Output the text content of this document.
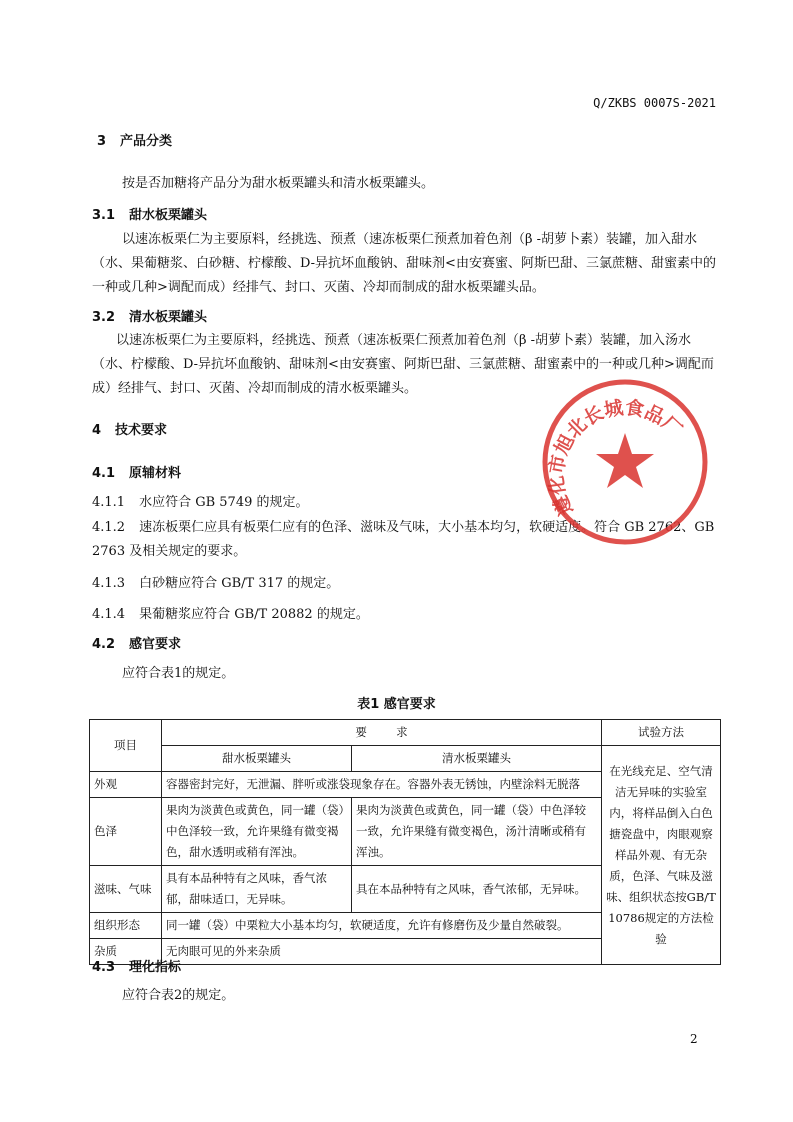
Q/ZKBS 0007S-2021
3 产品分类
按是否加糖将产品分为甜水板栗罐头和清水板栗罐头。
3.1 甜水板栗罐头
以速冻板栗仁为主要原料，经挑选、预煮（速冻板栗仁预煮加着色剂（β -胡萝卜素）装罐，加入甜水（水、果葡糖浆、白砂糖、柠檬酸、D-异抗坏血酸钠、甜味剂<由安赛蜜、阿斯巴甜、三氯蔗糖、甜蜜素中的一种或几种>调配而成）经排气、封口、灭菌、冷却而制成的甜水板栗罐头品。
3.2 清水板栗罐头
以速冻板栗仁为主要原料，经挑选、预煮（速冻板栗仁预煮加着色剂（β -胡萝卜素）装罐，加入汤水（水、柠檬酸、D-异抗坏血酸钠、甜味剂<由安赛蜜、阿斯巴甜、三氯蔗糖、甜蜜素中的一种或几种>调配而成）经排气、封口、灭菌、冷却而制成的清水板栗罐头。
4 技术要求
4.1 原辅材料
4.1.1 水应符合 GB 5749 的规定。
4.1.2 速冻板栗仁应具有板栗仁应有的色泽、滋味及气味，大小基本均匀，软硬适度。符合 GB 2762、GB 2763 及相关规定的要求。
4.1.3 白砂糖应符合 GB/T 317 的规定。
4.1.4 果葡糖浆应符合 GB/T 20882 的规定。
4.2 感官要求
应符合表1的规定。
表1 感官要求
项目	要        求		试验方法
	甜水板栗罐头	清水板栗罐头	在光线充足、空气清洁无异味的实验室内，将样品倒入白色搪瓷盘中，肉眼观察样品外观、有无杂质，色泽、气味及滋味、组织状态按GB/T 10786规定的方法检验
外观	容器密封完好，无泄漏、胖听或涨袋现象存在。容器外表无锈蚀，内壁涂料无脱落		
色泽	果肉为淡黄色或黄色，同一罐（袋）中色泽较一致，允许果缝有微变褐色，甜水透明或稍有浑浊。	果肉为淡黄色或黄色，同一罐（袋）中色泽较一致，允许果缝有微变褐色，汤汁清晰或稍有浑浊。	
滋味、气味	具有本品种特有之风味，香气浓郁，甜味适口，无异味。	具在本品种特有之风味，香气浓郁，无异味。	
组织形态	同一罐（袋）中栗粒大小基本均匀，软硬适度，允许有修磨伤及少量自然破裂。		
杂质	无肉眼可见的外来杂质		
4.3 理化指标
应符合表2的规定。
遵化市旭北长城食品厂
2
